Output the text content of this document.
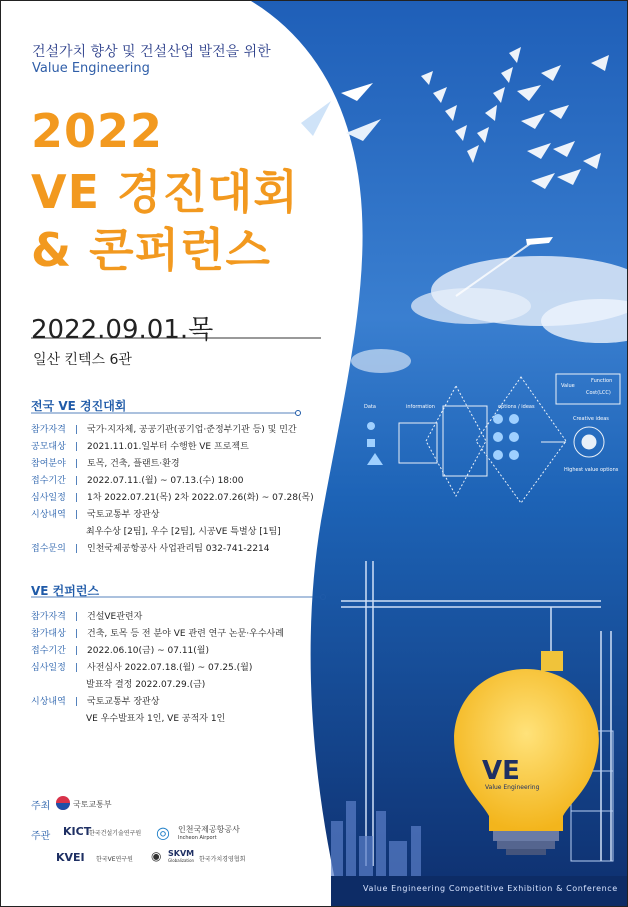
건설가치 향상 및 건설산업 발전을 위한
Value Engineering
2022
VE 경진대회
& 콘퍼런스
2022.09.01.목
일산 킨텍스 6관
전국 VE 경진대회
참가자격 | 국가·지자체, 공공기관(공기업·준정부기관 등) 및 민간
공모대상 | 2021.11.01.일부터 수행한 VE 프로젝트
참여분야 | 토목, 건축, 플랜트·환경
접수기간 | 2022.07.11.(월) ~ 07.13.(수) 18:00
심사일정 | 1차 2022.07.21(목) 2차 2022.07.26(화) ~ 07.28(목)
시상내역 | 국토교통부 장관상
최우수상 [2팀], 우수 [2팀], 시공VE 특별상 [1팀]
접수문의 | 인천국제공항공사 사업관리팀 032-741-2214
VE 컨퍼런스
참가자격 | 건설VE관련자
참가대상 | 건축, 토목 등 전 분야 VE 관련 연구 논문·우수사례
접수기간 | 2022.06.10(금) ~ 07.11(월)
심사일정 | 사전심사 2022.07.18.(월) ~ 07.25.(월)
발표작 결정 2022.07.29.(금)
시상내역 | 국토교통부 장관상
VE 우수발표자 1인, VE 공적자 1인
주최	국토교통부
주관 KICT
한국건설기술연구원 ◎ 인천국제공항공사
Incheon Airport
KVEI 한국VE연구원 ◉ SKVM
Globalization 한국가치경영협회
Data	information	options / ideas
Value
Function
Cost(LCC)
Creative ideas
Highest value options
VE
Value Engineering
Value Engineering Competitive Exhibition & Conference
